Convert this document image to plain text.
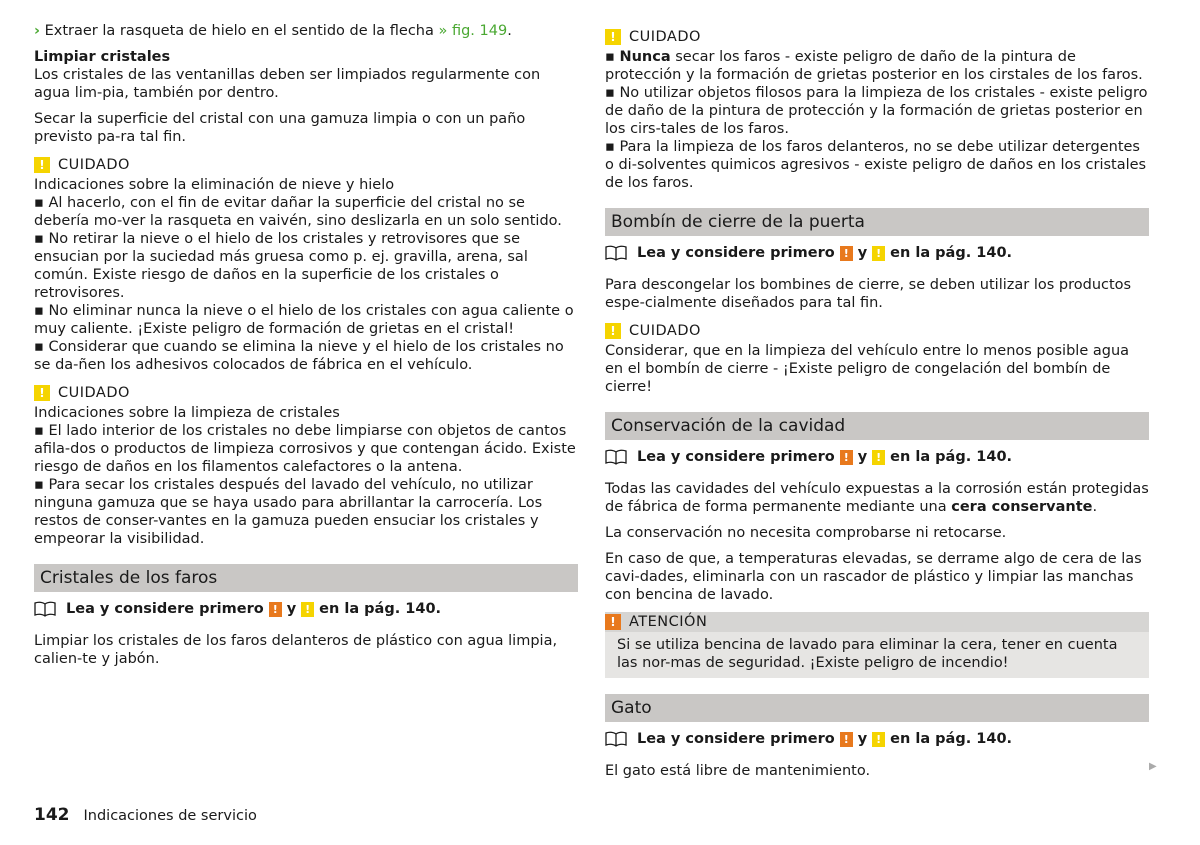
› Extraer la rasqueta de hielo en el sentido de la flecha » fig. 149.

Limpiar cristales
Los cristales de las ventanillas deben ser limpiados regularmente con agua lim-pia, también por dentro.

Secar la superficie del cristal con una gamuza limpia o con un paño previsto pa-ra tal fin.

! CUIDADO
Indicaciones sobre la eliminación de nieve y hielo
▪ Al hacerlo, con el fin de evitar dañar la superficie del cristal no se debería mo-ver la rasqueta en vaivén, sino deslizarla en un solo sentido.
▪ No retirar la nieve o el hielo de los cristales y retrovisores que se ensucian por la suciedad más gruesa como p. ej. gravilla, arena, sal común. Existe riesgo de daños en la superficie de los cristales o retrovisores.
▪ No eliminar nunca la nieve o el hielo de los cristales con agua caliente o muy caliente. ¡Existe peligro de formación de grietas en el cristal!
▪ Considerar que cuando se elimina la nieve y el hielo de los cristales no se da-ñen los adhesivos colocados de fábrica en el vehículo.
! CUIDADO
Indicaciones sobre la limpieza de cristales
▪ El lado interior de los cristales no debe limpiarse con objetos de cantos afila-dos o productos de limpieza corrosivos y que contengan ácido. Existe riesgo de daños en los filamentos calefactores o la antena.
▪ Para secar los cristales después del lavado del vehículo, no utilizar ninguna gamuza que se haya usado para abrillantar la carrocería. Los restos de conser-vantes en la gamuza pueden ensuciar los cristales y empeorar la visibilidad.
Cristales de los faros
Lea y considere primero ! y ! en la pág. 140.

Limpiar los cristales de los faros delanteros de plástico con agua limpia, calien-te y jabón.

! CUIDADO
▪ Nunca secar los faros - existe peligro de daño de la pintura de protección y la formación de grietas posterior en los cirstales de los faros.
▪ No utilizar objetos filosos para la limpieza de los cristales - existe peligro de daño de la pintura de protección y la formación de grietas posterior en los cirs-tales de los faros.
▪ Para la limpieza de los faros delanteros, no se debe utilizar detergentes o di-solventes quimicos agresivos - existe peligro de daños en los cristales de los faros.
Bombín de cierre de la puerta
Lea y considere primero ! y ! en la pág. 140.

Para descongelar los bombines de cierre, se deben utilizar los productos espe-cialmente diseñados para tal fin.

! CUIDADO
Considerar, que en la limpieza del vehículo entre lo menos posible agua en el bombín de cierre - ¡Existe peligro de congelación del bombín de cierre!
Conservación de la cavidad
Lea y considere primero ! y ! en la pág. 140.

Todas las cavidades del vehículo expuestas a la corrosión están protegidas de fábrica de forma permanente mediante una cera conservante.

La conservación no necesita comprobarse ni retocarse.

En caso de que, a temperaturas elevadas, se derrame algo de cera de las cavi-dades, eliminarla con un rascador de plástico y limpiar las manchas con bencina de lavado.

! ATENCIÓN
Si se utiliza bencina de lavado para eliminar la cera, tener en cuenta las nor-mas de seguridad. ¡Existe peligro de incendio!
Gato
Lea y considere primero ! y ! en la pág. 140.

El gato está libre de mantenimiento.	▶
142 Indicaciones de servicio
